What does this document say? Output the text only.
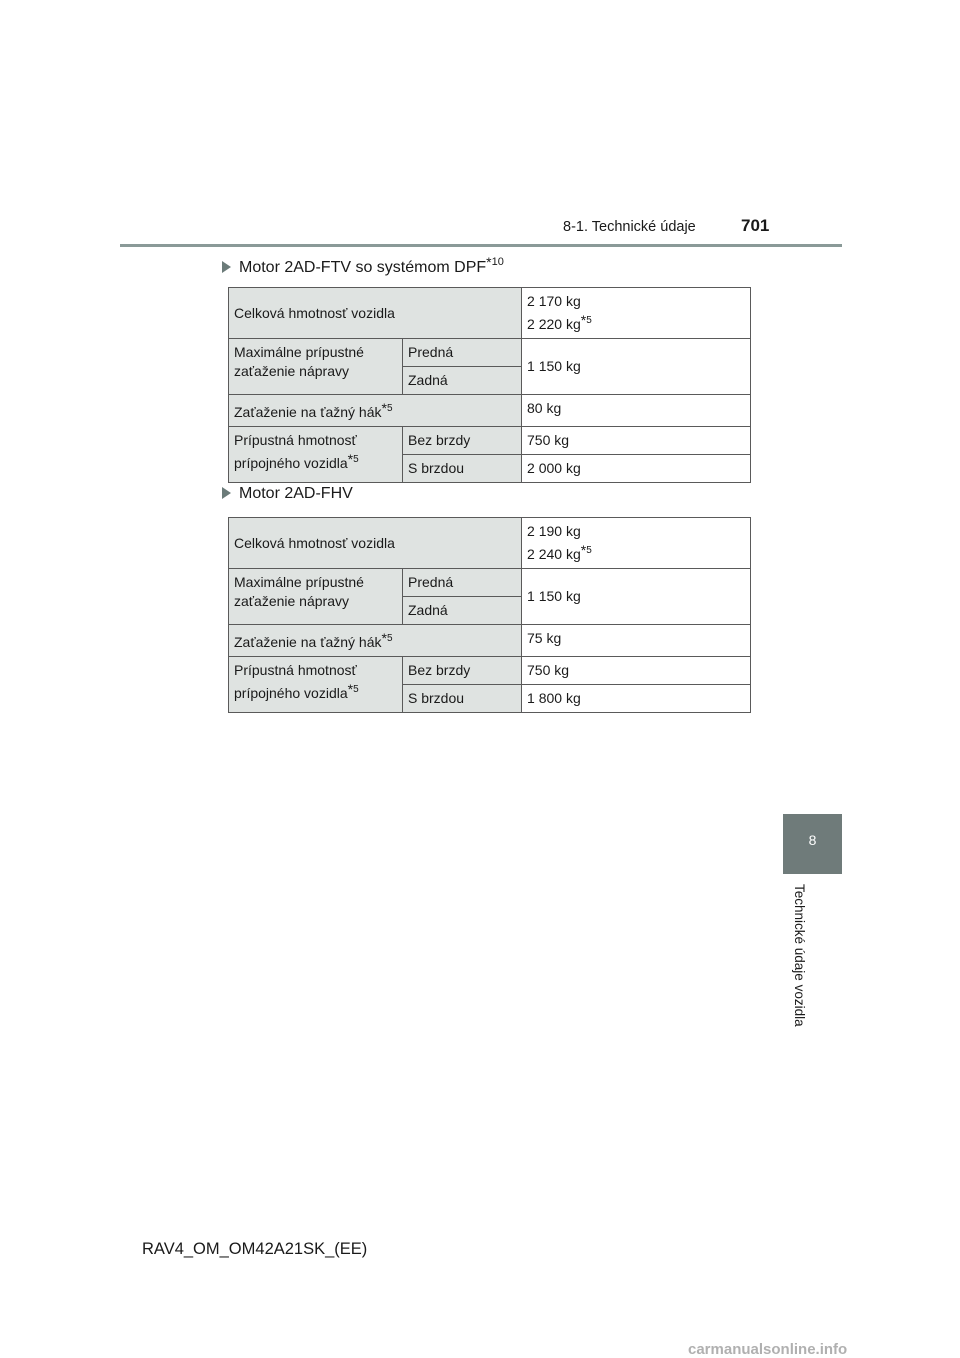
8-1. Technické údaje	701
Motor 2AD-FTV so systémom DPF$^{*10}$
Celková hmotnosť vozidla		2 170 kg
2 220 $kg^{*5}$
Maximálne prípustné zaťaženie nápravy	Predná	1 150 kg
	Zadná	
Zaťaženie na ťažný hák$^{*5}$		80 kg
Prípustná hmotnosť
prípojného vozidla$^{*5}$	Bez brzdy	750 kg
	S brzdou	2 000 kg
Motor 2AD-FHV
Celková hmotnosť vozidla		2 190 kg
2 240 $kg^{*5}$
Maximálne prípustné zaťaženie nápravy	Predná	1 150 kg
	Zadná	
Zaťaženie na ťažný hák$^{*5}$		75 kg
Prípustná hmotnosť
prípojného vozidla$^{*5}$	Bez brzdy	750 kg
	S brzdou	1 800 kg
8
Technické údaje vozidla
RAV4_OM_OM42A21SK_(EE)
carmanualsonline.info
